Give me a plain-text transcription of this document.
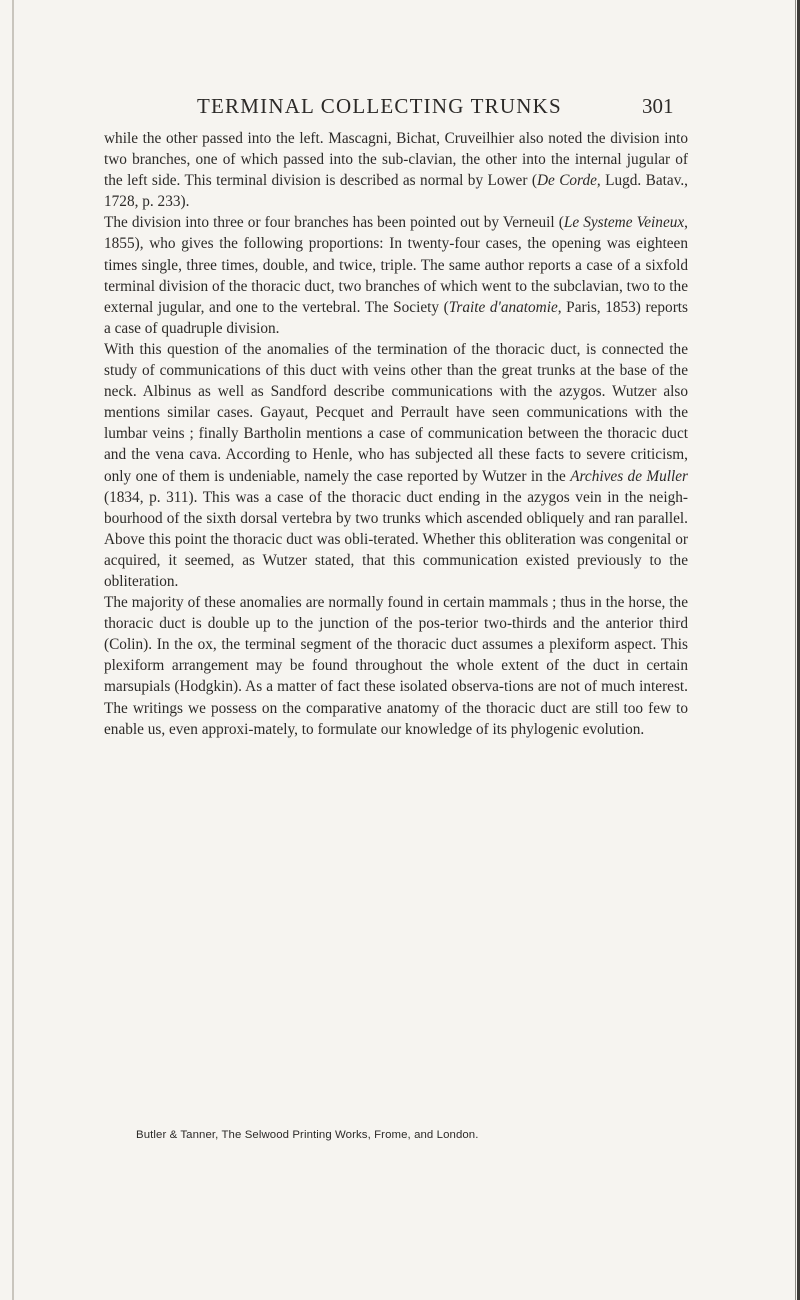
TERMINAL COLLECTING TRUNKS	301

while the other passed into the left. Mascagni, Bichat, Cruveilhier also noted the division into two branches, one of which passed into the sub-clavian, the other into the internal jugular of the left side. This terminal division is described as normal by Lower (De Corde, Lugd. Batav., 1728, p. 233).

The division into three or four branches has been pointed out by Verneuil (Le Systeme Veineux, 1855), who gives the following proportions: In twenty-four cases, the opening was eighteen times single, three times, double, and twice, triple. The same author reports a case of a sixfold terminal division of the thoracic duct, two branches of which went to the subclavian, two to the external jugular, and one to the vertebral. The Society (Traite d'anatomie, Paris, 1853) reports a case of quadruple division.

With this question of the anomalies of the termination of the thoracic duct, is connected the study of communications of this duct with veins other than the great trunks at the base of the neck. Albinus as well as Sandford describe communications with the azygos. Wutzer also mentions similar cases. Gayaut, Pecquet and Perrault have seen communications with the lumbar veins ; finally Bartholin mentions a case of communication between the thoracic duct and the vena cava. According to Henle, who has subjected all these facts to severe criticism, only one of them is undeniable, namely the case reported by Wutzer in the Archives de Muller (1834, p. 311). This was a case of the thoracic duct ending in the azygos vein in the neigh-bourhood of the sixth dorsal vertebra by two trunks which ascended obliquely and ran parallel. Above this point the thoracic duct was obli-terated. Whether this obliteration was congenital or acquired, it seemed, as Wutzer stated, that this communication existed previously to the obliteration.

The majority of these anomalies are normally found in certain mammals ; thus in the horse, the thoracic duct is double up to the junction of the pos-terior two-thirds and the anterior third (Colin). In the ox, the terminal segment of the thoracic duct assumes a plexiform aspect. This plexiform arrangement may be found throughout the whole extent of the duct in certain marsupials (Hodgkin). As a matter of fact these isolated observa-tions are not of much interest. The writings we possess on the comparative anatomy of the thoracic duct are still too few to enable us, even approxi-mately, to formulate our knowledge of its phylogenic evolution.

Butler & Tanner, The Selwood Printing Works, Frome, and London.
